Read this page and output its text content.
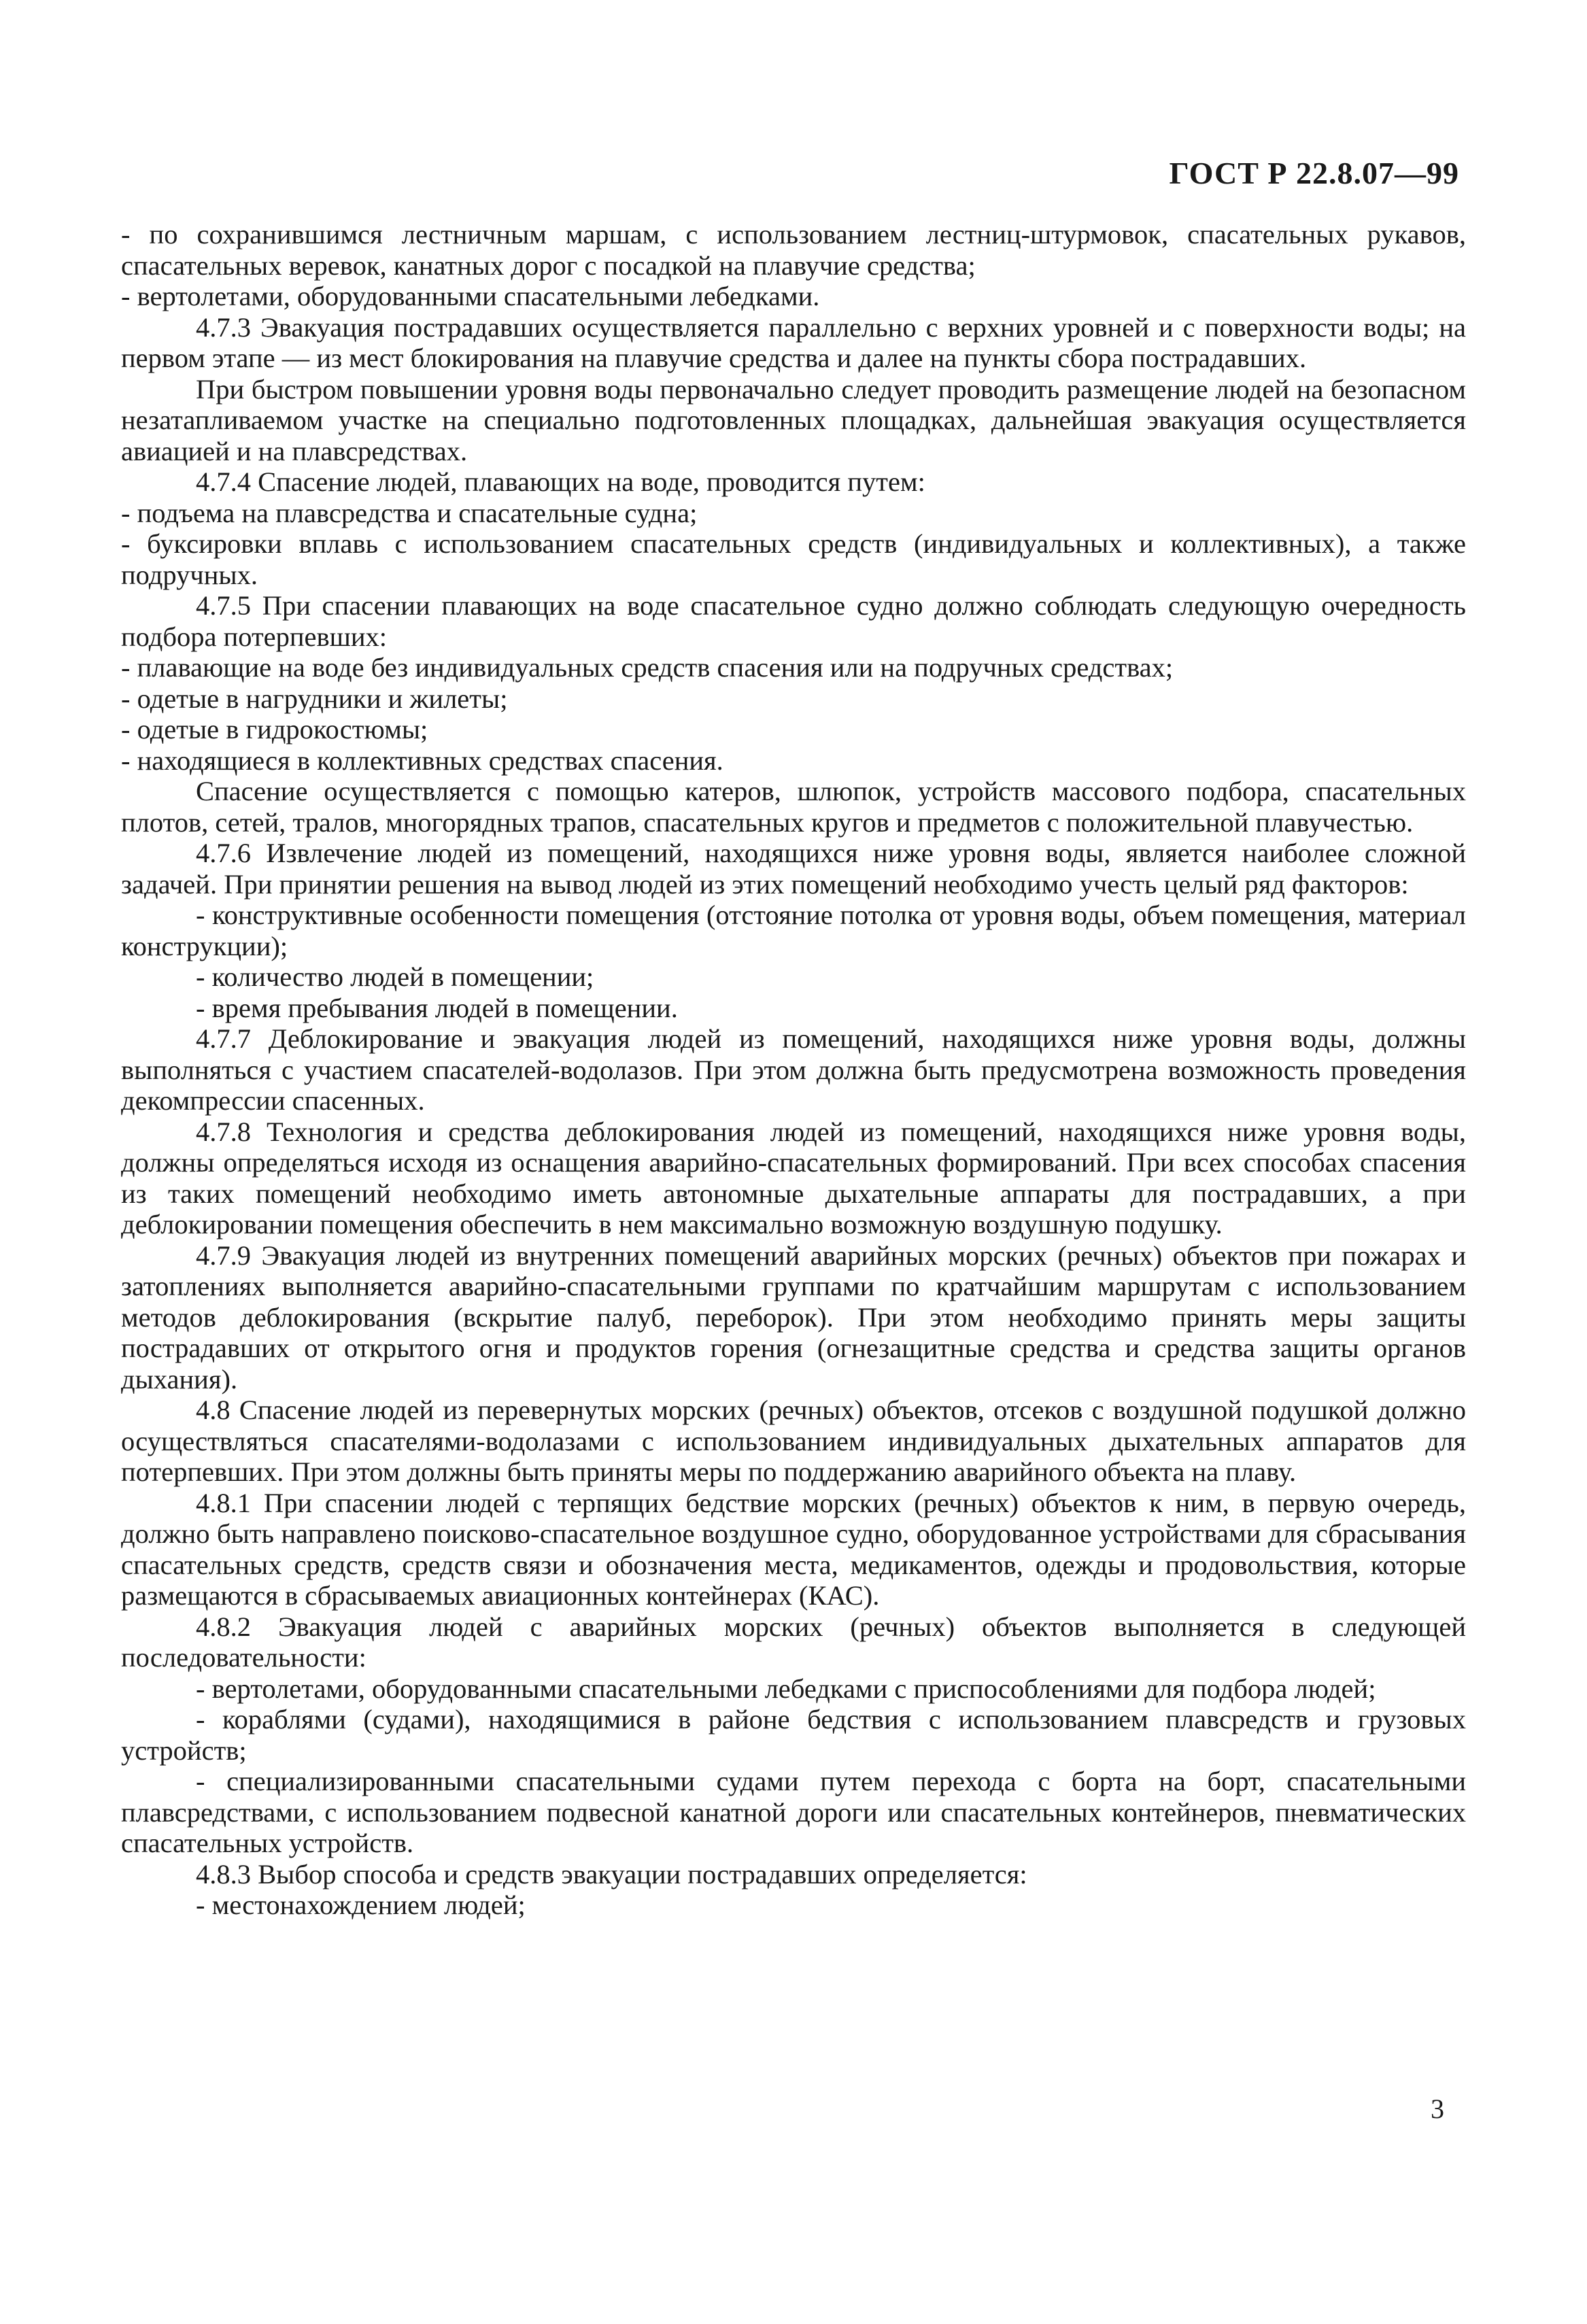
ГОСТ Р 22.8.07—99

- по сохранившимся лестничным маршам, с использованием лестниц-штурмовок, спасательных рукавов, спасательных веревок, канатных дорог с посадкой на плавучие средства;

- вертолетами, оборудованными спасательными лебедками.

4.7.3 Эвакуация пострадавших осуществляется параллельно с верхних уровней и с поверхности воды; на первом этапе — из мест блокирования на плавучие средства и далее на пункты сбора пострадавших.

При быстром повышении уровня воды первоначально следует проводить размещение людей на безопасном незатапливаемом участке на специально подготовленных площадках, дальнейшая эвакуация осуществляется авиацией и на плавсредствах.

4.7.4 Спасение людей, плавающих на воде, проводится путем:

- подъема на плавсредства и спасательные судна;

- буксировки вплавь с использованием спасательных средств (индивидуальных и коллективных), а также подручных.

4.7.5 При спасении плавающих на воде спасательное судно должно соблюдать следующую очередность подбора потерпевших:

- плавающие на воде без индивидуальных средств спасения или на подручных средствах;

- одетые в нагрудники и жилеты;

- одетые в гидрокостюмы;

- находящиеся в коллективных средствах спасения.

Спасение осуществляется с помощью катеров, шлюпок, устройств массового подбора, спасательных плотов, сетей, тралов, многорядных трапов, спасательных кругов и предметов с положительной плавучестью.

4.7.6 Извлечение людей из помещений, находящихся ниже уровня воды, является наиболее сложной задачей. При принятии решения на вывод людей из этих помещений необходимо учесть целый ряд факторов:

- конструктивные особенности помещения (отстояние потолка от уровня воды, объем помещения, материал конструкции);

- количество людей в помещении;

- время пребывания людей в помещении.

4.7.7 Деблокирование и эвакуация людей из помещений, находящихся ниже уровня воды, должны выполняться с участием спасателей-водолазов. При этом должна быть предусмотрена возможность проведения декомпрессии спасенных.

4.7.8 Технология и средства деблокирования людей из помещений, находящихся ниже уровня воды, должны определяться исходя из оснащения аварийно-спасательных формирований. При всех способах спасения из таких помещений необходимо иметь автономные дыхательные аппараты для пострадавших, а при деблокировании помещения обеспечить в нем максимально возможную воздушную подушку.

4.7.9 Эвакуация людей из внутренних помещений аварийных морских (речных) объектов при пожарах и затоплениях выполняется аварийно-спасательными группами по кратчайшим маршрутам с использованием методов деблокирования (вскрытие палуб, переборок). При этом необходимо принять меры защиты пострадавших от открытого огня и продуктов горения (огнезащитные средства и средства защиты органов дыхания).

4.8 Спасение людей из перевернутых морских (речных) объектов, отсеков с воздушной подушкой должно осуществляться спасателями-водолазами с использованием индивидуальных дыхательных аппаратов для потерпевших. При этом должны быть приняты меры по поддержанию аварийного объекта на плаву.

4.8.1 При спасении людей с терпящих бедствие морских (речных) объектов к ним, в первую очередь, должно быть направлено поисково-спасательное воздушное судно, оборудованное устройствами для сбрасывания спасательных средств, средств связи и обозначения места, медикаментов, одежды и продовольствия, которые размещаются в сбрасываемых авиационных контейнерах (КАС).

4.8.2 Эвакуация людей с аварийных морских (речных) объектов выполняется в следующей последовательности:

- вертолетами, оборудованными спасательными лебедками с приспособлениями для подбора людей;

- кораблями (судами), находящимися в районе бедствия с использованием плавсредств и грузовых устройств;

- специализированными спасательными судами путем перехода с борта на борт, спасательными плавсредствами, с использованием подвесной канатной дороги или спасательных контейнеров, пневматических спасательных устройств.

4.8.3 Выбор способа и средств эвакуации пострадавших определяется:

- местонахождением людей;

3
